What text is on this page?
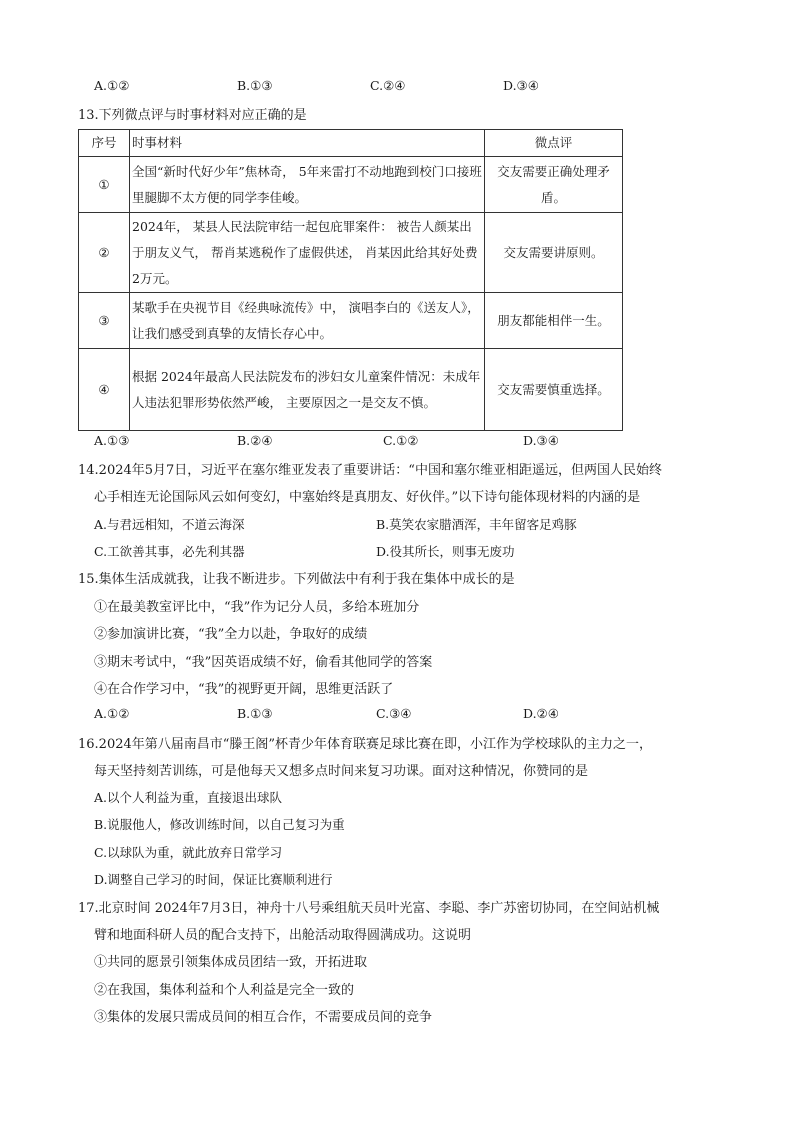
A.①②	B.①③	C.②④	D.③④
13.下列微点评与时事材料对应正确的是
序号	时事材料	微点评
①	全国“新时代好少年”焦林奇， 5年来雷打不动地跑到校门口接班里腿脚不太方便的同学李佳峻。	交友需要正确处理矛盾。
②	2024年， 某县人民法院审结一起包庇罪案件： 被告人颜某出于朋友义气， 帮肖某逃税作了虚假供述， 肖某因此给其好处费 2万元。	交友需要讲原则。
③	某歌手在央视节目《经典咏流传》中， 演唱李白的《送友人》， 让我们感受到真挚的友情长存心中。	朋友都能相伴一生。
④	根据 2024年最高人民法院发布的涉妇女儿童案件情况：未成年人违法犯罪形势依然严峻， 主要原因之一是交友不慎。	交友需要慎重选择。
A.①③	B.②④	C.①②	D.③④
14.2024年5月7日，习近平在塞尔维亚发表了重要讲话：“中国和塞尔维亚相距遥远，但两国人民始终
心手相连无论国际风云如何变幻，中塞始终是真朋友、好伙伴。”以下诗句能体现材料的内涵的是
A.与君远相知，不道云海深	B.莫笑农家腊酒浑，丰年留客足鸡豚
C.工欲善其事，必先利其器	D.役其所长，则事无废功
15.集体生活成就我，让我不断进步。下列做法中有利于我在集体中成长的是
①在最美教室评比中，“我”作为记分人员，多给本班加分
②参加演讲比赛，“我”全力以赴，争取好的成绩
③期末考试中，“我”因英语成绩不好，偷看其他同学的答案
④在合作学习中，“我”的视野更开阔，思维更活跃了
A.①②	B.①③	C.③④	D.②④
16.2024年第八届南昌市“滕王阁”杯青少年体育联赛足球比赛在即，小江作为学校球队的主力之一，
每天坚持刻苦训练，可是他每天又想多点时间来复习功课。面对这种情况，你赞同的是
A.以个人利益为重，直接退出球队
B.说服他人，修改训练时间，以自己复习为重
C.以球队为重，就此放弃日常学习
D.调整自己学习的时间，保证比赛顺利进行
17.北京时间 2024年7月3日，神舟十八号乘组航天员叶光富、李聪、李广苏密切协同，在空间站机械
臂和地面科研人员的配合支持下，出舱活动取得圆满成功。这说明
①共同的愿景引领集体成员团结一致，开拓进取
②在我国，集体利益和个人利益是完全一致的
③集体的发展只需成员间的相互合作，不需要成员间的竞争
